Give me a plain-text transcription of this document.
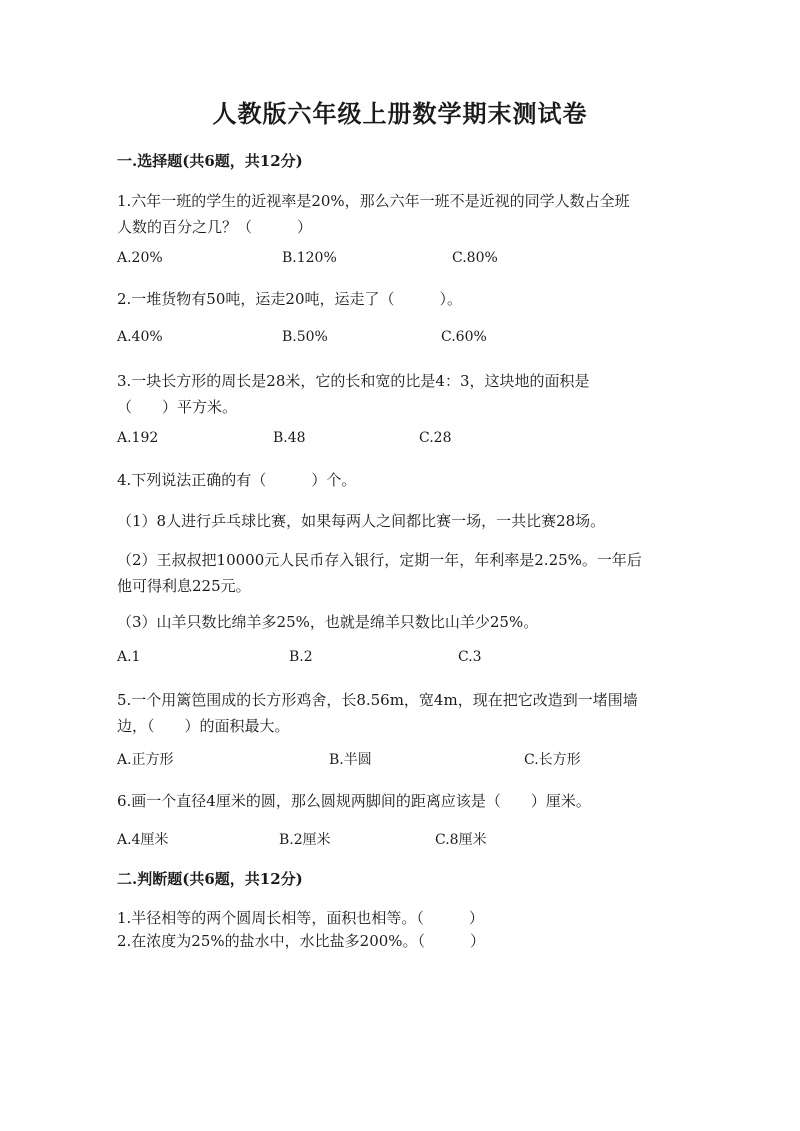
人教版六年级上册数学期末测试卷
一.选择题(共6题，共12分)
1.六年一班的学生的近视率是20%，那么六年一班不是近视的同学人数占全班
人数的百分之几？（　　　）
A.20%	B.120%	C.80%
2.一堆货物有50吨，运走20吨，运走了（　　　）。
A.40%	B.50%	C.60%
3.一块长方形的周长是28米，它的长和宽的比是4：3，这块地的面积是
（　　）平方米。
A.192	B.48	C.28
4.下列说法正确的有（　　　）个。
（1）8人进行乒乓球比赛，如果每两人之间都比赛一场，一共比赛28场。
（2）王叔叔把10000元人民币存入银行，定期一年，年利率是2.25%。一年后
他可得利息225元。
（3）山羊只数比绵羊多25%，也就是绵羊只数比山羊少25%。
A.1	B.2	C.3
5.一个用篱笆围成的长方形鸡舍，长8.56m，宽4m，现在把它改造到一堵围墙
边，（　　）的面积最大。
A.正方形	B.半圆	C.长方形
6.画一个直径4厘米的圆，那么圆规两脚间的距离应该是（　　）厘米。
A.4厘米	B.2厘米	C.8厘米
二.判断题(共6题，共12分)
1.半径相等的两个圆周长相等，面积也相等。（　　　）
2.在浓度为25%的盐水中，水比盐多200%。（　　　）
